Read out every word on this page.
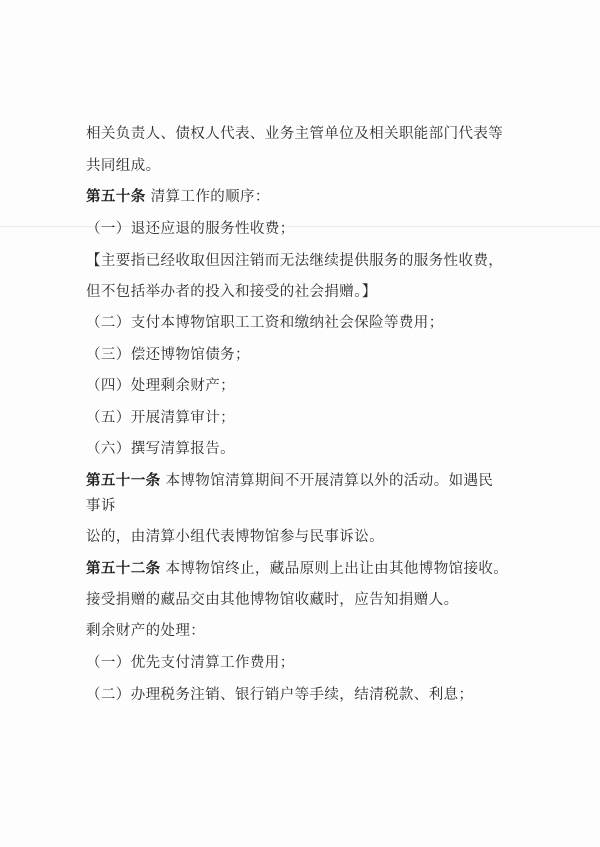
相关负责人、债权人代表、业务主管单位及相关职能部门代表等

共同组成。

第五十条 清算工作的顺序：

（一）退还应退的服务性收费；

【主要指已经收取但因注销而无法继续提供服务的服务性收费，

但不包括举办者的投入和接受的社会捐赠。】

（二）支付本博物馆职工工资和缴纳社会保险等费用；

（三）偿还博物馆债务；

（四）处理剩余财产；

（五）开展清算审计；

（六）撰写清算报告。

第五十一条 本博物馆清算期间不开展清算以外的活动。如遇民

事诉

讼的，由清算小组代表博物馆参与民事诉讼。

第五十二条 本博物馆终止，藏品原则上出让由其他博物馆接收。

接受捐赠的藏品交由其他博物馆收藏时，应告知捐赠人。

剩余财产的处理：

（一）优先支付清算工作费用；

（二）办理税务注销、银行销户等手续，结清税款、利息；
